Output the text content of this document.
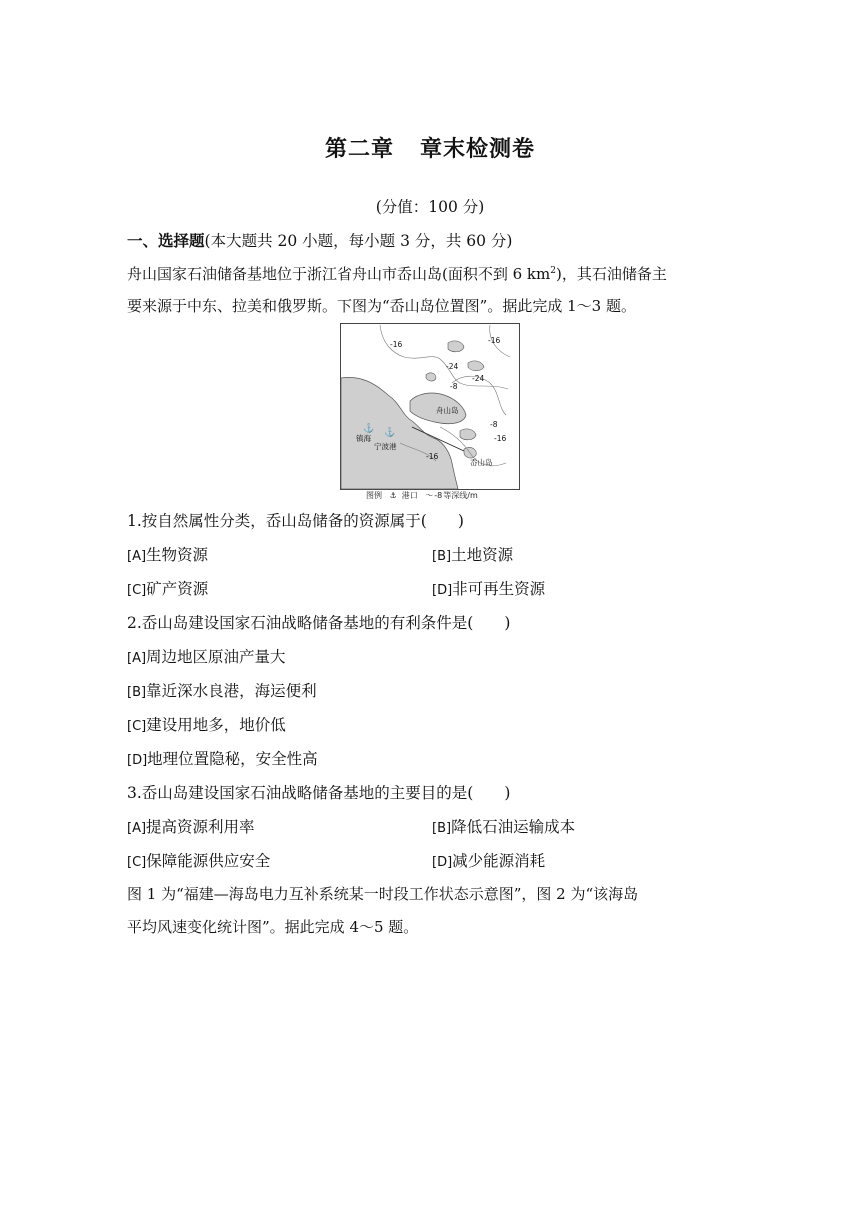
第二章 章末检测卷
(分值：100 分)
一、选择题(本大题共 20 小题，每小题 3 分，共 60 分)
舟山国家石油储备基地位于浙江省舟山市岙山岛(面积不到 6 $km^2$)，其石油储备主
要来源于中东、拉美和俄罗斯。下图为“岙山岛位置图”。据此完成 1～3 题。
⚓ ⚓
舟山岛
镇海
宁波港
岙山岛
-16	-16
-24
-24
-8
-8
-16
-16
图例 ⚓ 港口 ～-8等深线/m
1.按自然属性分类，岙山岛储备的资源属于(　　)
[A]生物资源	[B]土地资源
[C]矿产资源	[D]非可再生资源
2.岙山岛建设国家石油战略储备基地的有利条件是(　　)
[A]周边地区原油产量大
[B]靠近深水良港，海运便利
[C]建设用地多，地价低
[D]地理位置隐秘，安全性高
3.岙山岛建设国家石油战略储备基地的主要目的是(　　)
[A]提高资源利用率	[B]降低石油运输成本
[C]保障能源供应安全	[D]减少能源消耗
图 1 为“福建—海岛电力互补系统某一时段工作状态示意图”，图 2 为“该海岛
平均风速变化统计图”。据此完成 4～5 题。
